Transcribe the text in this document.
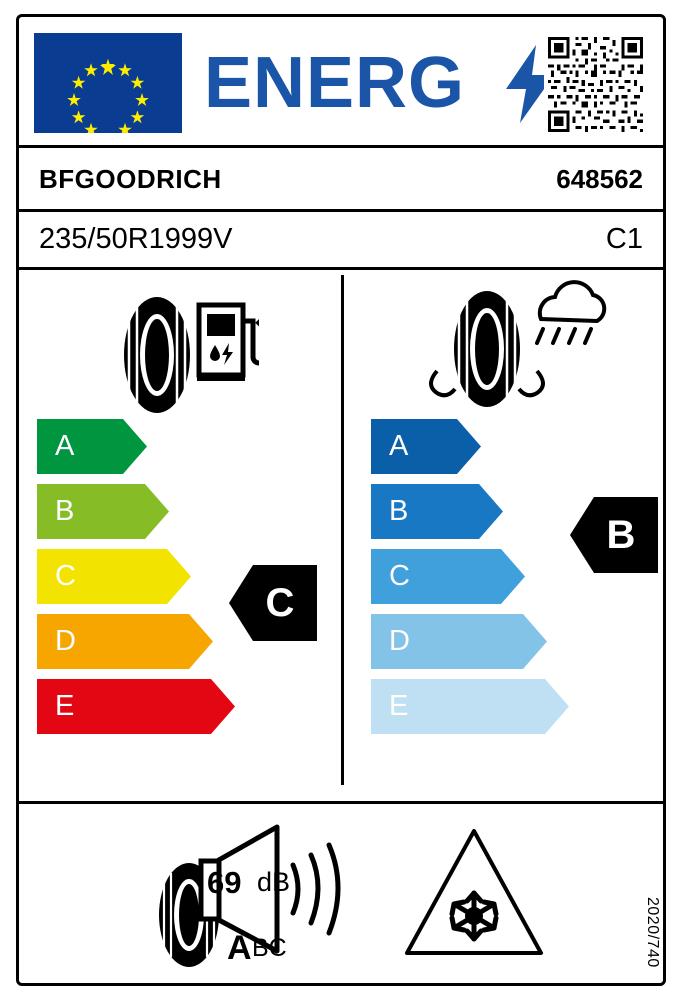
ENERG
BFGOODRICH	648562
235/50R1999V	C1
A
B
C
D
E
C
A
B
C
D
E
B
69 dB
A BC	2020/740
